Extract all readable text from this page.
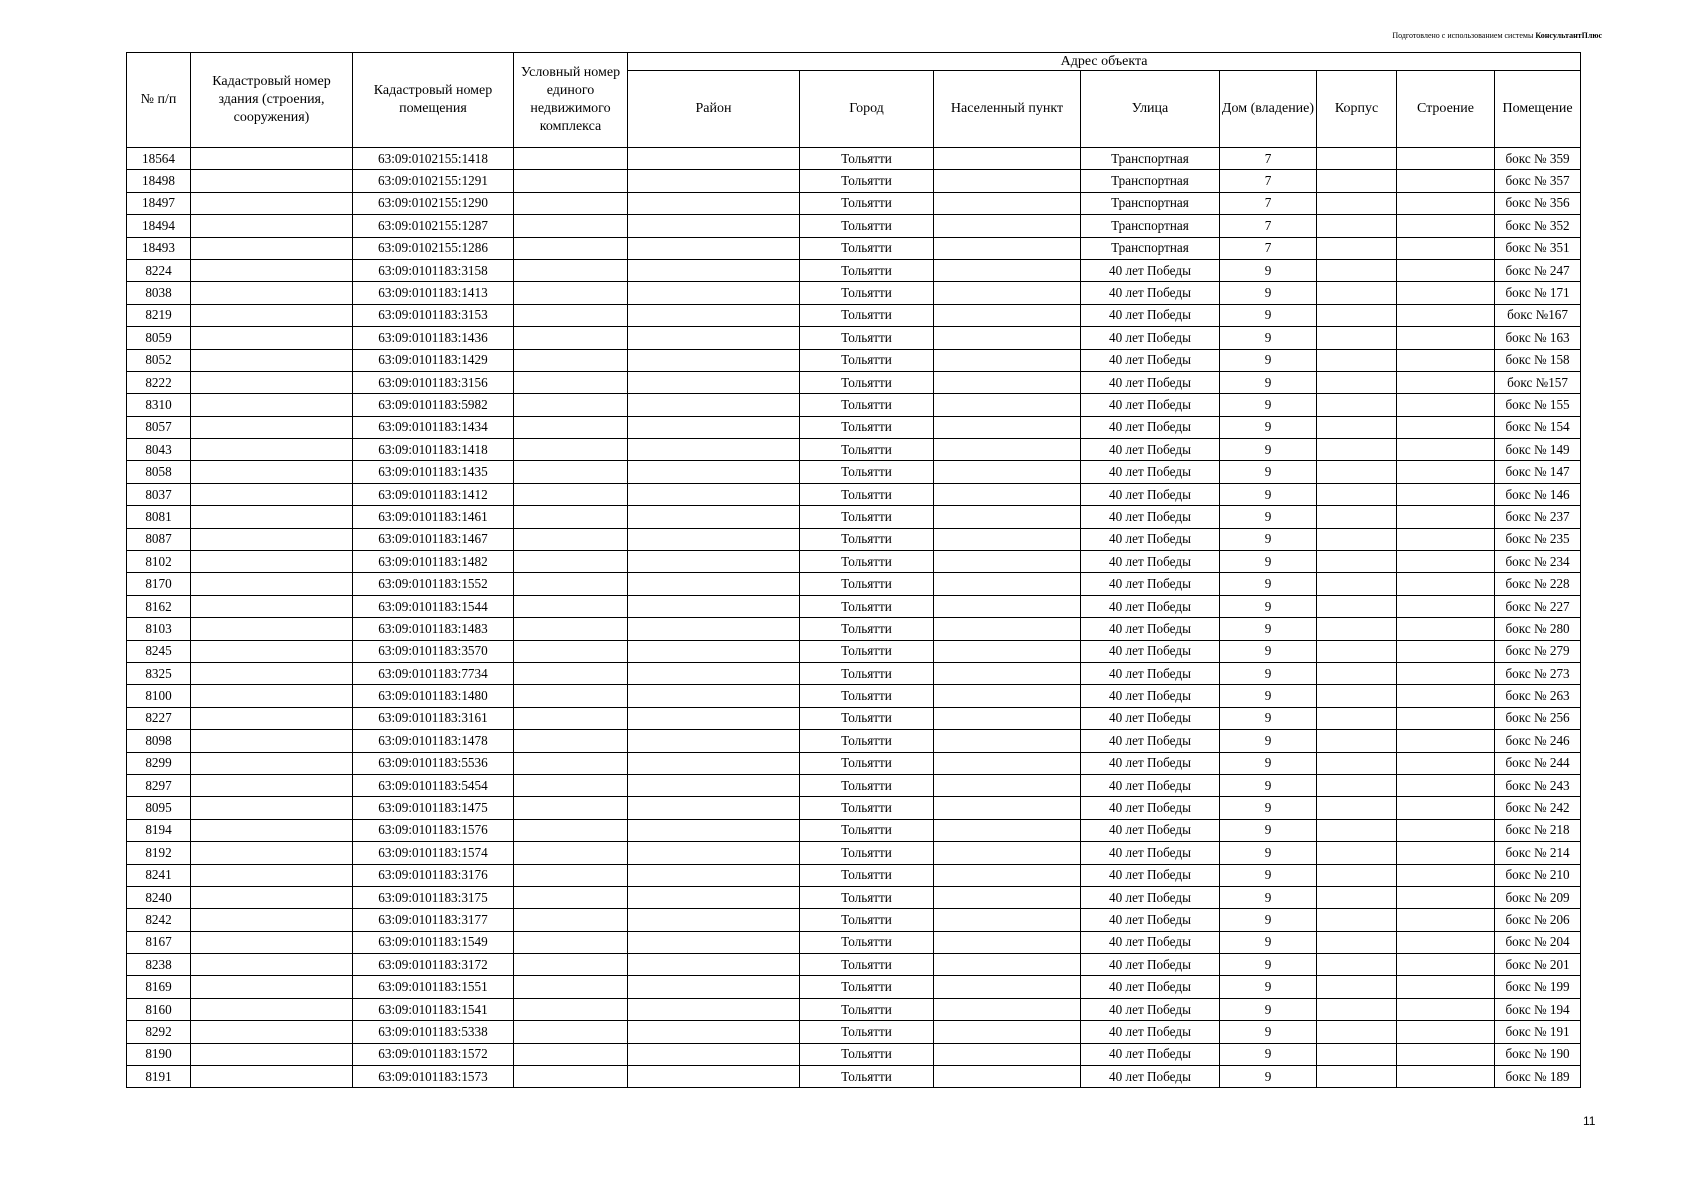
Подготовлено с использованием системы КонсультантПлюс
№ п/п	Кадастровый номер здания (строения, сооружения)	Кадастровый номер помещения	Условный номер единого недвижимого комплекса	Адрес объекта							
				Район	Город	Населенный пункт	Улица	Дом (владение)	Корпус	Строение	Помещение
18564		63:09:0102155:1418			Тольятти		Транспортная	7			бокс № 359
18498		63:09:0102155:1291			Тольятти		Транспортная	7			бокс № 357
18497		63:09:0102155:1290			Тольятти		Транспортная	7			бокс № 356
18494		63:09:0102155:1287			Тольятти		Транспортная	7			бокс № 352
18493		63:09:0102155:1286			Тольятти		Транспортная	7			бокс № 351
8224		63:09:0101183:3158			Тольятти		40 лет Победы	9			бокс № 247
8038		63:09:0101183:1413			Тольятти		40 лет Победы	9			бокс № 171
8219		63:09:0101183:3153			Тольятти		40 лет Победы	9			бокс №167
8059		63:09:0101183:1436			Тольятти		40 лет Победы	9			бокс № 163
8052		63:09:0101183:1429			Тольятти		40 лет Победы	9			бокс № 158
8222		63:09:0101183:3156			Тольятти		40 лет Победы	9			бокс №157
8310		63:09:0101183:5982			Тольятти		40 лет Победы	9			бокс № 155
8057		63:09:0101183:1434			Тольятти		40 лет Победы	9			бокс № 154
8043		63:09:0101183:1418			Тольятти		40 лет Победы	9			бокс № 149
8058		63:09:0101183:1435			Тольятти		40 лет Победы	9			бокс № 147
8037		63:09:0101183:1412			Тольятти		40 лет Победы	9			бокс № 146
8081		63:09:0101183:1461			Тольятти		40 лет Победы	9			бокс № 237
8087		63:09:0101183:1467			Тольятти		40 лет Победы	9			бокс № 235
8102		63:09:0101183:1482			Тольятти		40 лет Победы	9			бокс № 234
8170		63:09:0101183:1552			Тольятти		40 лет Победы	9			бокс № 228
8162		63:09:0101183:1544			Тольятти		40 лет Победы	9			бокс № 227
8103		63:09:0101183:1483			Тольятти		40 лет Победы	9			бокс № 280
8245		63:09:0101183:3570			Тольятти		40 лет Победы	9			бокс № 279
8325		63:09:0101183:7734			Тольятти		40 лет Победы	9			бокс № 273
8100		63:09:0101183:1480			Тольятти		40 лет Победы	9			бокс № 263
8227		63:09:0101183:3161			Тольятти		40 лет Победы	9			бокс № 256
8098		63:09:0101183:1478			Тольятти		40 лет Победы	9			бокс № 246
8299		63:09:0101183:5536			Тольятти		40 лет Победы	9			бокс № 244
8297		63:09:0101183:5454			Тольятти		40 лет Победы	9			бокс № 243
8095		63:09:0101183:1475			Тольятти		40 лет Победы	9			бокс № 242
8194		63:09:0101183:1576			Тольятти		40 лет Победы	9			бокс № 218
8192		63:09:0101183:1574			Тольятти		40 лет Победы	9			бокс № 214
8241		63:09:0101183:3176			Тольятти		40 лет Победы	9			бокс № 210
8240		63:09:0101183:3175			Тольятти		40 лет Победы	9			бокс № 209
8242		63:09:0101183:3177			Тольятти		40 лет Победы	9			бокс № 206
8167		63:09:0101183:1549			Тольятти		40 лет Победы	9			бокс № 204
8238		63:09:0101183:3172			Тольятти		40 лет Победы	9			бокс № 201
8169		63:09:0101183:1551			Тольятти		40 лет Победы	9			бокс № 199
8160		63:09:0101183:1541			Тольятти		40 лет Победы	9			бокс № 194
8292		63:09:0101183:5338			Тольятти		40 лет Победы	9			бокс № 191
8190		63:09:0101183:1572			Тольятти		40 лет Победы	9			бокс № 190
8191		63:09:0101183:1573			Тольятти		40 лет Победы	9			бокс № 189
11
